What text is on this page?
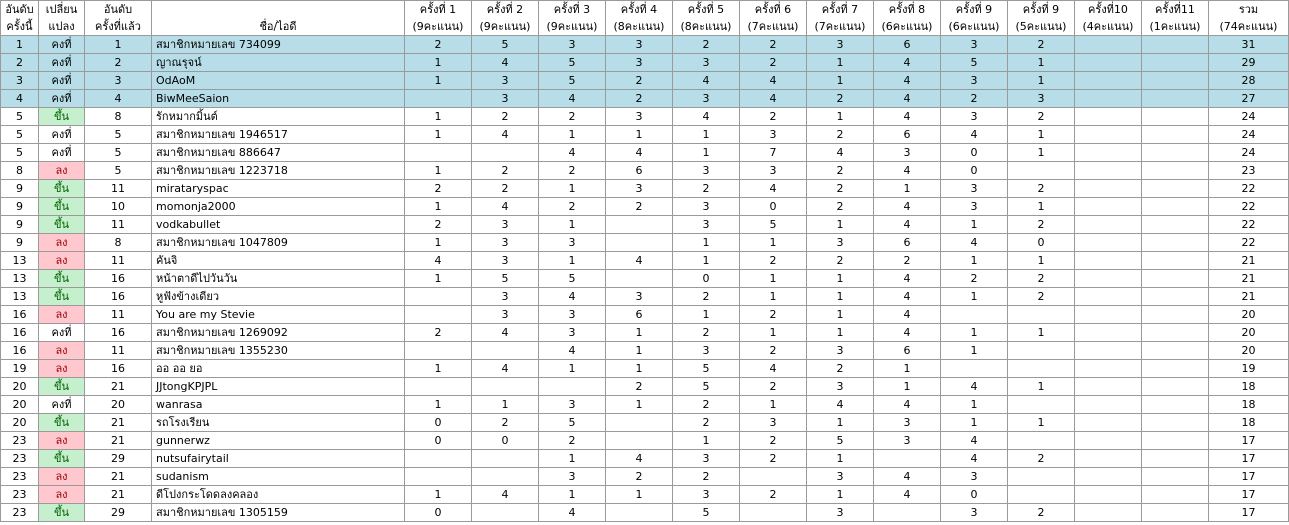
อันดับ	เปลี่ยน	อันดับ	ชื่อ/ไอดี	ครั้งที่ 1	ครั้งที่ 2	ครั้งที่ 3	ครั้งที่ 4	ครั้งที่ 5	ครั้งที่ 6	ครั้งที่ 7	ครั้งที่ 8	ครั้งที่ 9	ครั้งที่ 9	ครั้งที่10	ครั้งที่11	รวม
ครั้งนี้	แปลง	ครั้งที่แล้ว		(9คะแนน)	(9คะแนน)	(9คะแนน)	(8คะแนน)	(8คะแนน)	(7คะแนน)	(7คะแนน)	(6คะแนน)	(6คะแนน)	(5คะแนน)	(4คะแนน)	(1คะแนน)	(74คะแนน)
1	คงที่	1	สมาชิกหมายเลข 734099	2	5	3	3	2	2	3	6	3	2			31
2	คงที่	2	ญาณรุจน์	1	4	5	3	3	2	1	4	5	1			29
3	คงที่	3	OdAoM	1	3	5	2	4	4	1	4	3	1			28
4	คงที่	4	BiwMeeSaion		3	4	2	3	4	2	4	2	3			27
5	ขึ้น	8	รักหมากมิ้นต์	1	2	2	3	4	2	1	4	3	2			24
5	คงที่	5	สมาชิกหมายเลข 1946517	1	4	1	1	1	3	2	6	4	1			24
5	คงที่	5	สมาชิกหมายเลข 886647			4	4	1	7	4	3	0	1			24
8	ลง	5	สมาชิกหมายเลข 1223718	1	2	2	6	3	3	2	4	0				23
9	ขึ้น	11	mirataryspac	2	2	1	3	2	4	2	1	3	2			22
9	ขึ้น	10	momonja2000	1	4	2	2	3	0	2	4	3	1			22
9	ขึ้น	11	vodkabullet	2	3	1		3	5	1	4	1	2			22
9	ลง	8	สมาชิกหมายเลข 1047809	1	3	3		1	1	3	6	4	0			22
13	ลง	11	คันจิ	4	3	1	4	1	2	2	2	1	1			21
13	ขึ้น	16	หน้าตาดีไปวันวัน	1	5	5		0	1	1	4	2	2			21
13	ขึ้น	16	หูฟังข้างเดียว		3	4	3	2	1	1	4	1	2			21
16	ลง	11	You are my Stevie		3	3	6	1	2	1	4					20
16	คงที่	16	สมาชิกหมายเลข 1269092	2	4	3	1	2	1	1	4	1	1			20
16	ลง	11	สมาชิกหมายเลข 1355230			4	1	3	2	3	6	1				20
19	ลง	16	ออ ออ ยอ	1	4	1	1	5	4	2	1					19
20	ขึ้น	21	JJtongKPJPL				2	5	2	3	1	4	1			18
20	คงที่	20	wanrasa	1	1	3	1	2	1	4	4	1				18
20	ขึ้น	21	รถโรงเรียน	0	2	5		2	3	1	3	1	1			18
23	ลง	21	gunnerwz	0	0	2		1	2	5	3	4				17
23	ขึ้น	29	nutsufairytail			1	4	3	2	1		4	2			17
23	ลง	21	sudanism			3	2	2		3	4	3				17
23	ลง	21	ดีโปงกระโดดลงคลอง	1	4	1	1	3	2	1	4	0				17
23	ขึ้น	29	สมาชิกหมายเลข 1305159	0		4		5		3		3	2			17
